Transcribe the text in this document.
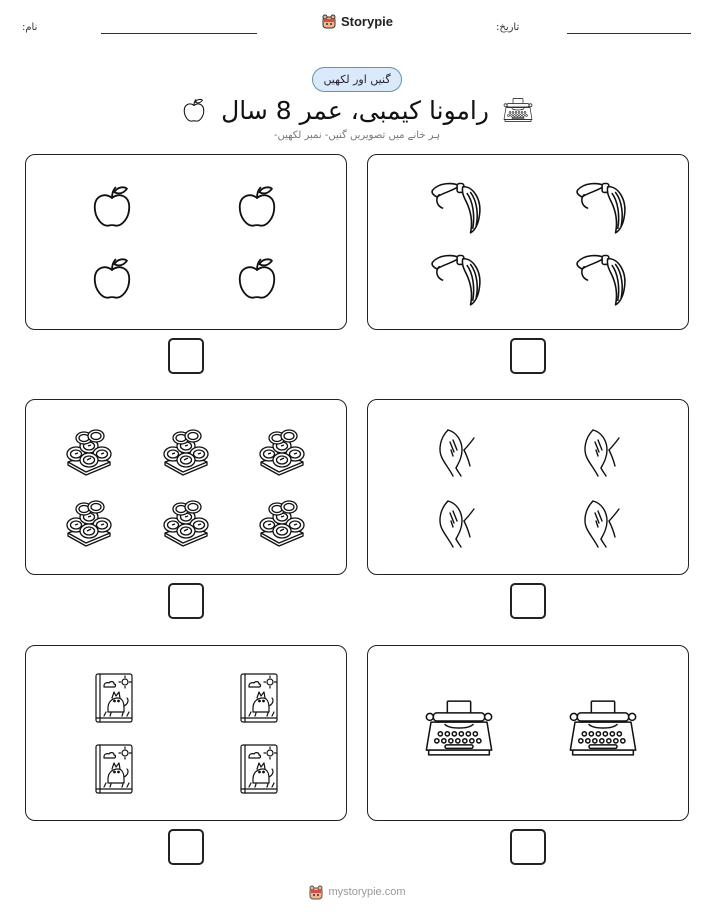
نام:	Storypie	تاریخ:
گنیں اور لکھیں
رامونا کیمبی، عمر 8 سال
ہر خانے میں تصویریں گنیں- نمبر لکھیں-
mystorypie.com
